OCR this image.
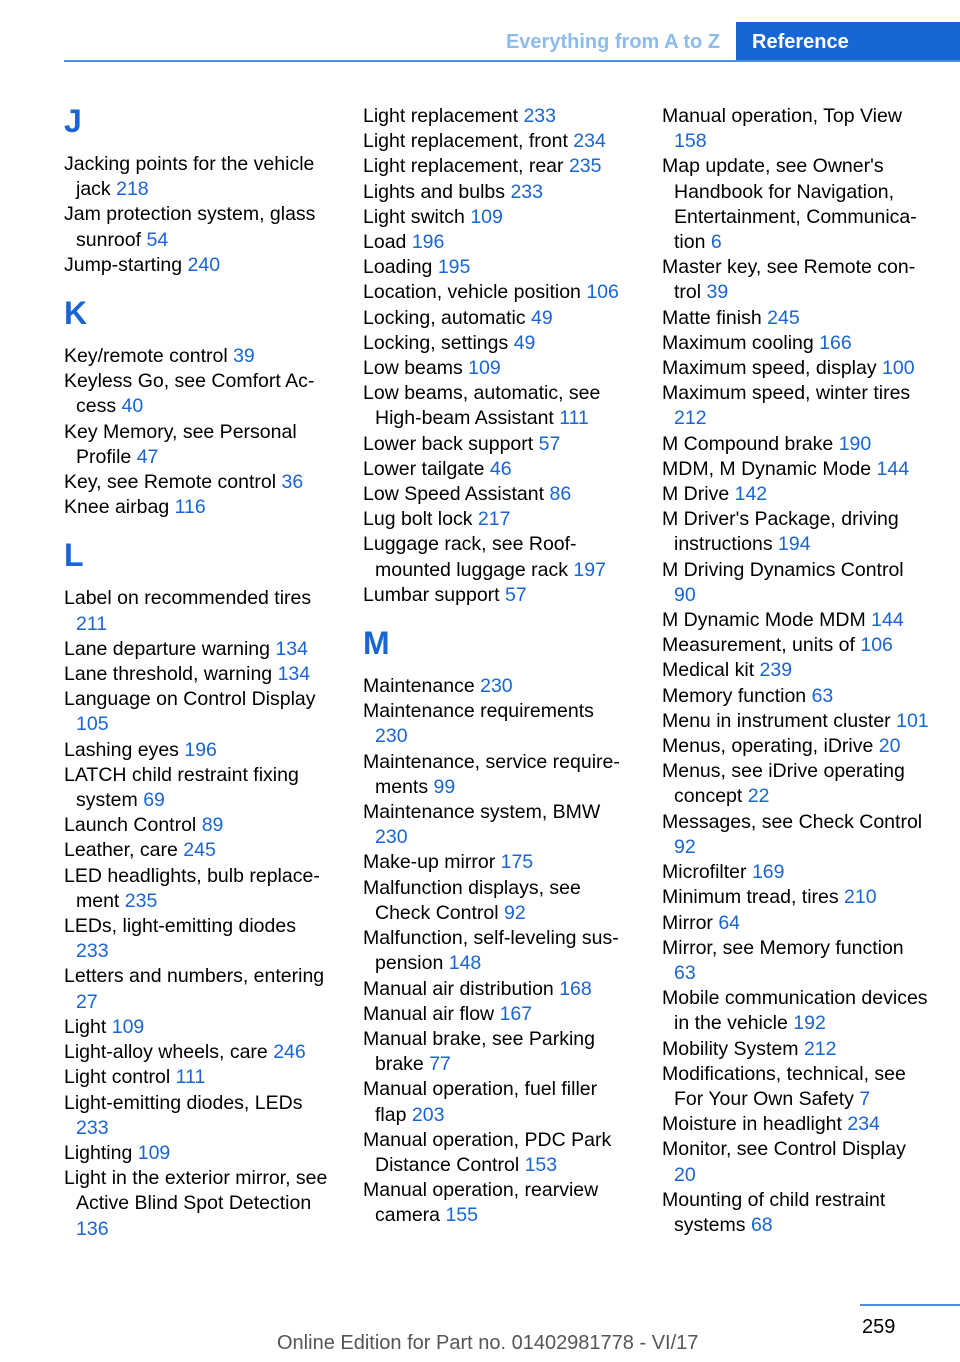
Everything from A to Z	Reference
J
Jacking points for the vehicle jack 218
Jam protection system, glass sunroof 54
Jump-starting 240
K
Key/remote control 39
Keyless Go, see Comfort Access 40
Key Memory, see Personal Profile 47
Key, see Remote control 36
Knee airbag 116
L
Label on recommended tires 211
Lane departure warning 134
Lane threshold, warning 134
Language on Control Display 105
Lashing eyes 196
LATCH child restraint fixing system 69
Launch Control 89
Leather, care 245
LED headlights, bulb replacement 235
LEDs, light-emitting diodes 233
Letters and numbers, entering 27
Light 109
Light-alloy wheels, care 246
Light control 111
Light-emitting diodes, LEDs 233
Lighting 109
Light in the exterior mirror, see Active Blind Spot Detection 136
Light replacement 233
Light replacement, front 234
Light replacement, rear 235
Lights and bulbs 233
Light switch 109
Load 196
Loading 195
Location, vehicle position 106
Locking, automatic 49
Locking, settings 49
Low beams 109
Low beams, automatic, see High-beam Assistant 111
Lower back support 57
Lower tailgate 46
Low Speed Assistant 86
Lug bolt lock 217
Luggage rack, see Roof-mounted luggage rack 197
Lumbar support 57
M
Maintenance 230
Maintenance requirements 230
Maintenance, service requirements 99
Maintenance system, BMW 230
Make-up mirror 175
Malfunction displays, see Check Control 92
Malfunction, self-leveling suspension 148
Manual air distribution 168
Manual air flow 167
Manual brake, see Parking brake 77
Manual operation, fuel filler flap 203
Manual operation, PDC Park Distance Control 153
Manual operation, rearview camera 155
Manual operation, Top View 158
Map update, see Owner's Handbook for Navigation, Entertainment, Communication 6
Master key, see Remote control 39
Matte finish 245
Maximum cooling 166
Maximum speed, display 100
Maximum speed, winter tires 212
M Compound brake 190
MDM, M Dynamic Mode 144
M Drive 142
M Driver's Package, driving instructions 194
M Driving Dynamics Control 90
M Dynamic Mode MDM 144
Measurement, units of 106
Medical kit 239
Memory function 63
Menu in instrument cluster 101
Menus, operating, iDrive 20
Menus, see iDrive operating concept 22
Messages, see Check Control 92
Microfilter 169
Minimum tread, tires 210
Mirror 64
Mirror, see Memory function 63
Mobile communication devices in the vehicle 192
Mobility System 212
Modifications, technical, see For Your Own Safety 7
Moisture in headlight 234
Monitor, see Control Display 20
Mounting of child restraint systems 68
259
Online Edition for Part no. 01402981778 - VI/17
